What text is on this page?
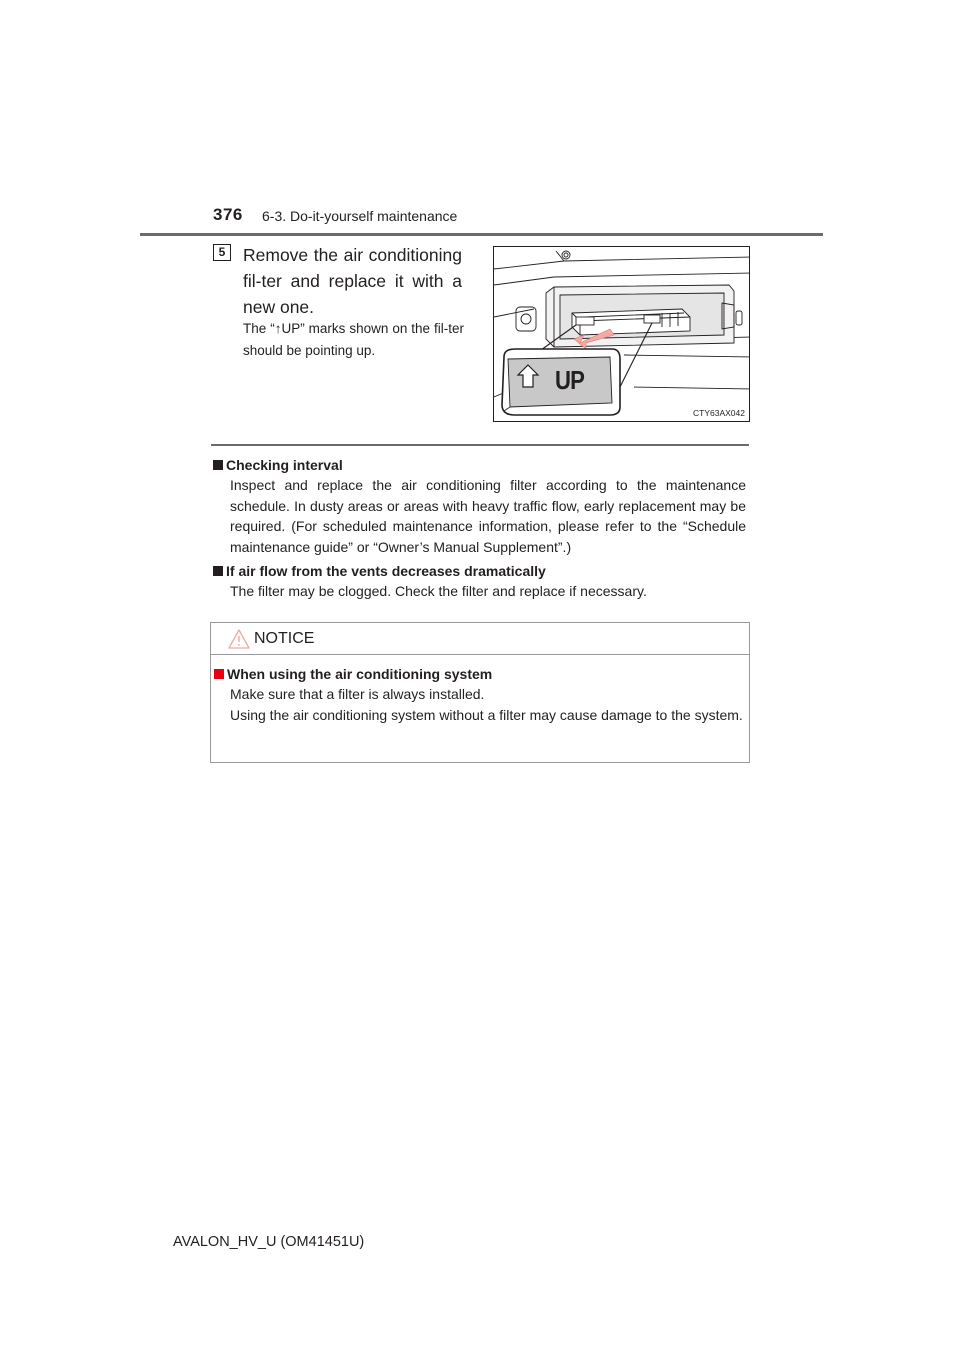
376 6-3. Do-it-yourself maintenance
5	Remove the air conditioning fil-ter and replace it with a new one.
The “↑UP” marks shown on the fil-ter should be pointing up.
UP
CTY63AX042
Checking interval
Inspect and replace the air conditioning filter according to the maintenance schedule. In dusty areas or areas with heavy traffic flow, early replacement may be required. (For scheduled maintenance information, please refer to the “Schedule maintenance guide” or “Owner’s Manual Supplement”.)
If air flow from the vents decreases dramatically
The filter may be clogged. Check the filter and replace if necessary.
NOTICE
When using the air conditioning system
Make sure that a filter is always installed.
Using the air conditioning system without a filter may cause damage to the system.
AVALON_HV_U (OM41451U)
